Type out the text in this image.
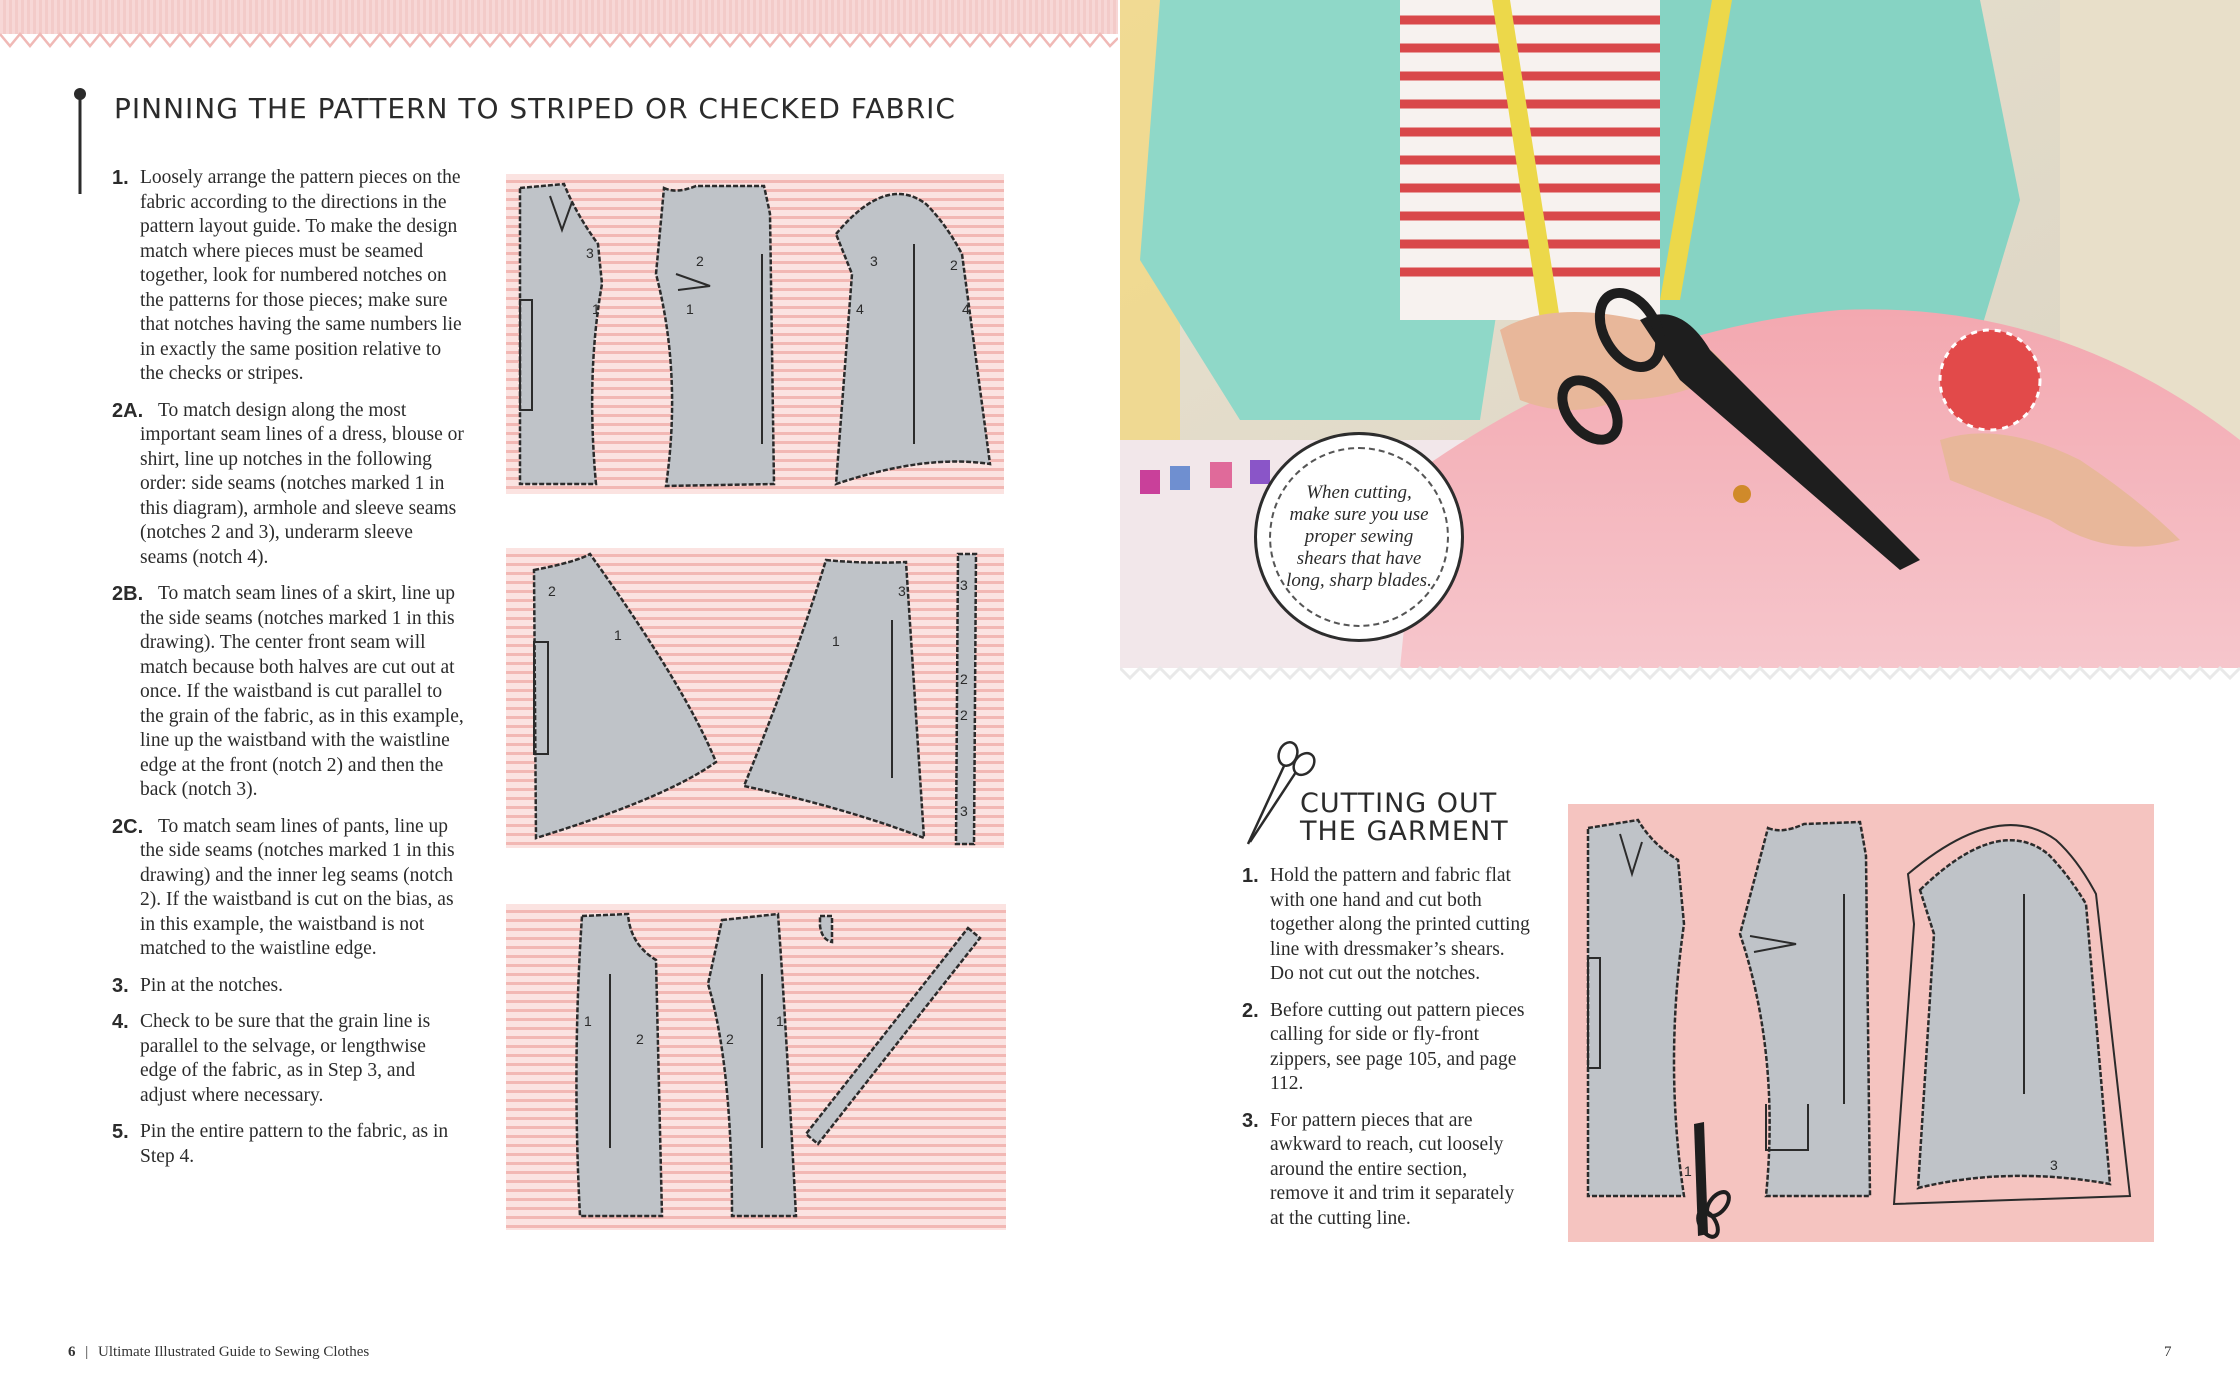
PINNING THE PATTERN TO STRIPED OR CHECKED FABRIC
1. Loosely arrange the pattern pieces on the fabric according to the directions in the pattern layout guide. To make the design match where pieces must be seamed together, look for numbered notches on the patterns for those pieces; make sure that notches having the same numbers lie in exactly the same position relative to the checks or stripes.
2A. To match design along the most important seam lines of a dress, blouse or shirt, line up notches in the following order: side seams (notches marked 1 in this diagram), armhole and sleeve seams (notches 2 and 3), underarm sleeve seams (notch 4).
2B. To match seam lines of a skirt, line up the side seams (notches marked 1 in this drawing). The center front seam will match because both halves are cut out at once. If the waistband is cut parallel to the grain of the fabric, as in this example, line up the waistband with the waistline edge at the front (notch 2) and then the back (notch 3).
2C. To match seam lines of pants, line up the side seams (notches marked 1 in this drawing) and the inner leg seams (notch 2). If the waistband is cut on the bias, as in this example, the waistband is not matched to the waistline edge.
3. Pin at the notches.
4. Check to be sure that the grain line is parallel to the selvage, or lengthwise edge of the fabric, as in Step 3, and adjust where necessary.
5. Pin the entire pattern to the fabric, as in Step 4.
3
1
2
1
3	2
4	4
2
1
3
1
3
2
2
3
1
2	2
1
When cutting, make sure you use proper sewing shears that have long, sharp blades.
CUTTING OUT
THE GARMENT
1. Hold the pattern and fabric flat with one hand and cut both together along the printed cutting line with dressmaker’s shears. Do not cut out the notches.
2. Before cutting out pattern pieces calling for side or fly-front zippers, see page 105, and page 112.
3. For pattern pieces that are awkward to reach, cut loosely around the entire section, remove it and trim it separately at the cutting line.
1	3
6 | Ultimate Illustrated Guide to Sewing Clothes	7
